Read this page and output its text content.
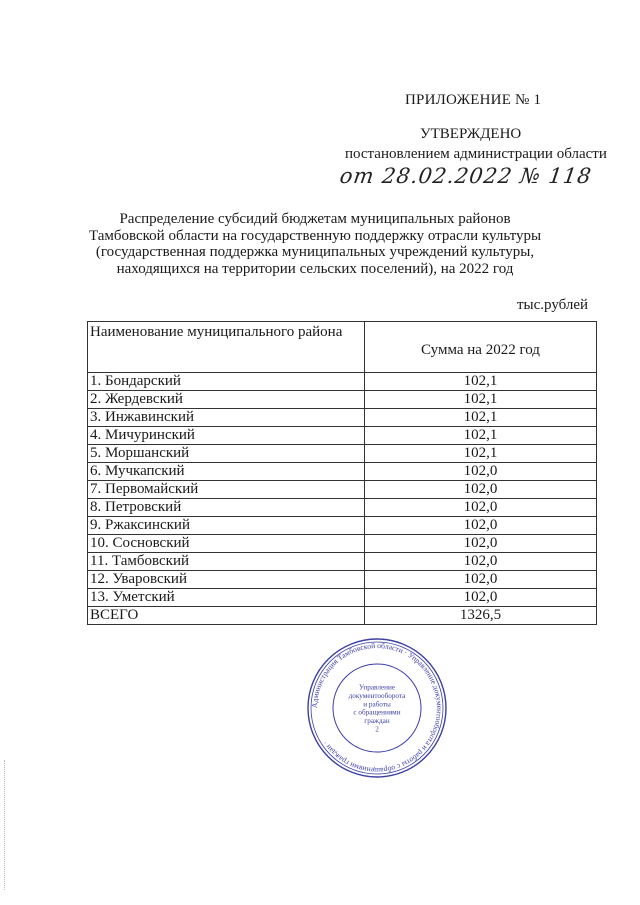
ПРИЛОЖЕНИЕ № 1
УТВЕРЖДЕНО
постановлением администрации области
от 28.02.2022 № 118
Распределение субсидий бюджетам муниципальных районов Тамбовской области на государственную поддержку отрасли культуры (государственная поддержка муниципальных учреждений культуры, находящихся на территории сельских поселений), на 2022 год
тыс.рублей
Наименование муниципального района	Сумма на 2022 год
1. Бондарский	102,1
2. Жердевский	102,1
3. Инжавинский	102,1
4. Мичуринский	102,1
5. Моршанский	102,1
6. Мучкапский	102,0
7. Первомайский	102,0
8. Петровский	102,0
9. Ржаксинский	102,0
10. Сосновский	102,0
11. Тамбовский	102,0
12. Уваровский	102,0
13. Уметский	102,0
ВСЕГО	1326,5
Администрация Тамбовской области · Управление документооборота и работы с обращениями граждан ·
Управление
документооборота
и работы
с обращениями
граждан
2
